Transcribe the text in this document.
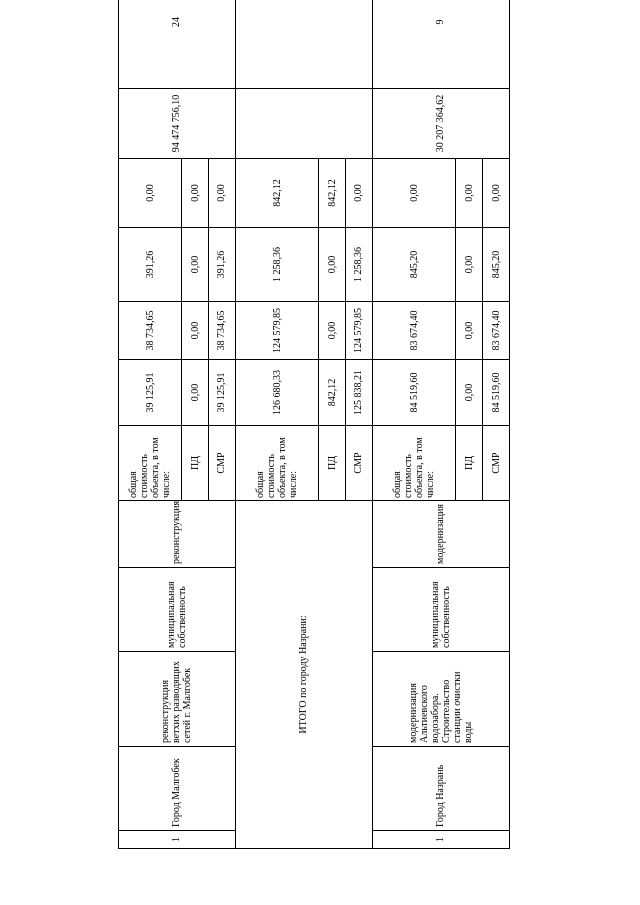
1	Город Малгобек	реконструкция ветхих разводящих сетей г. Малгобек	муниципальная собственность	реконструкция	общая стоимость объекта, в том числе:	39 125,91	38 734,65	391,26	0,00	94 474 756,10	24
					ПД	0,00	0,00	0,00	0,00		
					СМР	39 125,91	38 734,65	391,26	0,00		
ИТОГО по городу Назрани:					общая стоимость объекта, в том числе:	126 680,33	124 579,85	1 258,36	842,12		
					ПД	842,12	0,00	0,00	842,12		
					СМР	125 838,21	124 579,85	1 258,36	0,00		
1	Город Назрань	модернизация Альтиевского водозабора. Строительство станции очистки воды	муниципальная собственность	модернизация	общая стоимость объекта, в том числе:	84 519,60	83 674,40	845,20	0,00	30 207 364,62	9
					ПД	0,00	0,00	0,00	0,00		
					СМР	84 519,60	83 674,40	845,20	0,00		
